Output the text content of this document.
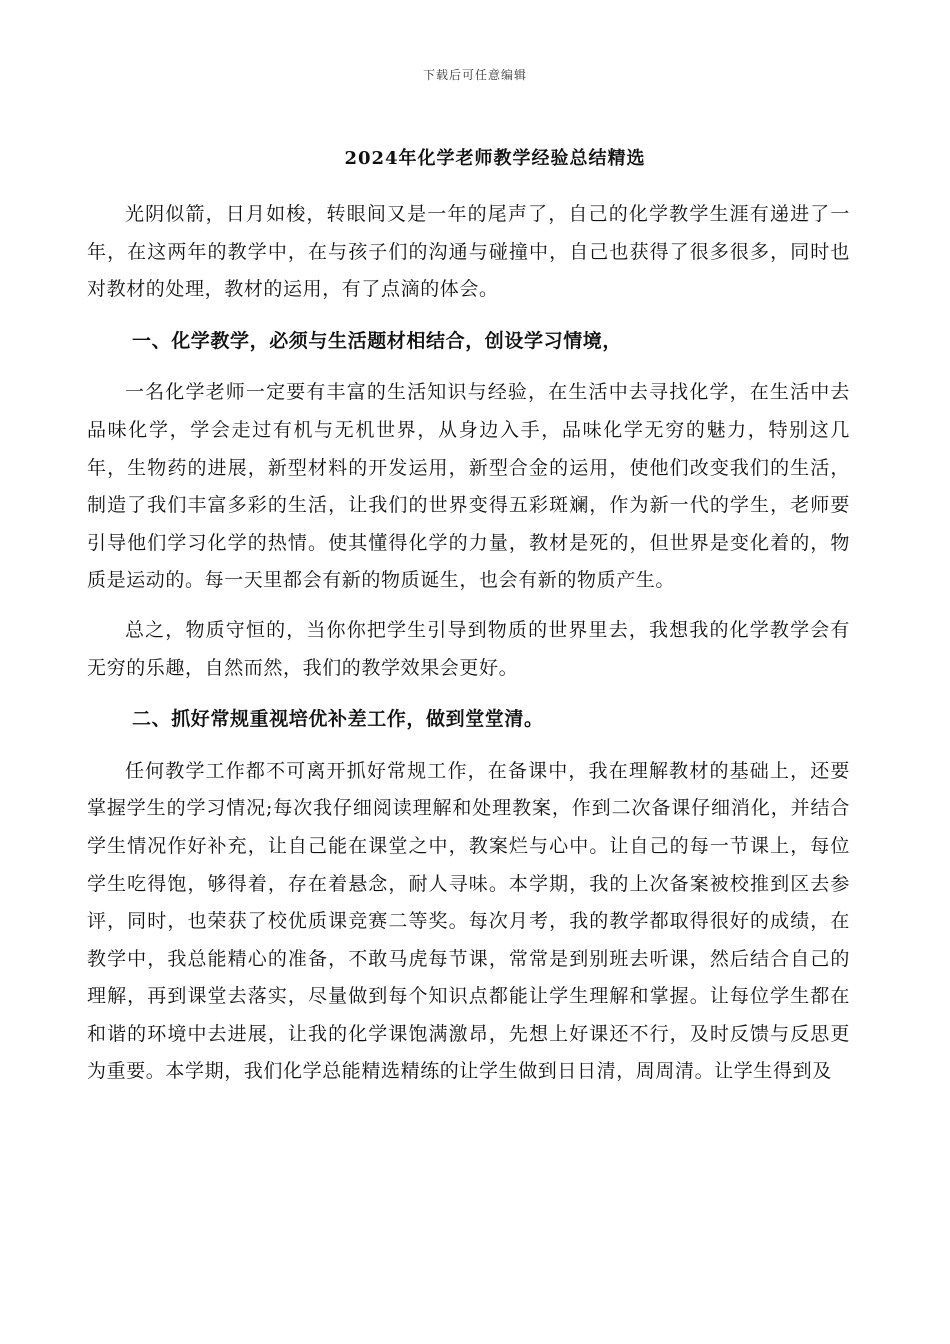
下载后可任意编辑
2024年化学老师教学经验总结精选

光阴似箭，日月如梭，转眼间又是一年的尾声了，自己的化学教学生涯有递进了一年，在这两年的教学中，在与孩子们的沟通与碰撞中，自己也获得了很多很多，同时也对教材的处理，教材的运用，有了点滴的体会。

一、化学教学，必须与生活题材相结合，创设学习情境，

一名化学老师一定要有丰富的生活知识与经验，在生活中去寻找化学，在生活中去品味化学，学会走过有机与无机世界，从身边入手，品味化学无穷的魅力，特别这几年，生物药的进展，新型材料的开发运用，新型合金的运用，使他们改变我们的生活，制造了我们丰富多彩的生活，让我们的世界变得五彩斑斓，作为新一代的学生，老师要引导他们学习化学的热情。使其懂得化学的力量，教材是死的，但世界是变化着的，物质是运动的。每一天里都会有新的物质诞生，也会有新的物质产生。

总之，物质守恒的，当你你把学生引导到物质的世界里去，我想我的化学教学会有无穷的乐趣，自然而然，我们的教学效果会更好。

二、抓好常规重视培优补差工作，做到堂堂清。

任何教学工作都不可离开抓好常规工作，在备课中，我在理解教材的基础上，还要掌握学生的学习情况;每次我仔细阅读理解和处理教案，作到二次备课仔细消化，并结合学生情况作好补充，让自己能在课堂之中，教案烂与心中。让自己的每一节课上，每位学生吃得饱，够得着，存在着悬念，耐人寻味。本学期，我的上次备案被校推到区去参评，同时，也荣获了校优质课竞赛二等奖。每次月考，我的教学都取得很好的成绩，在教学中，我总能精心的准备，不敢马虎每节课，常常是到别班去听课，然后结合自己的理解，再到课堂去落实，尽量做到每个知识点都能让学生理解和掌握。让每位学生都在和谐的环境中去进展，让我的化学课饱满激昂，先想上好课还不行，及时反馈与反思更为重要。本学期，我们化学总能精选精练的让学生做到日日清，周周清。让学生得到及
